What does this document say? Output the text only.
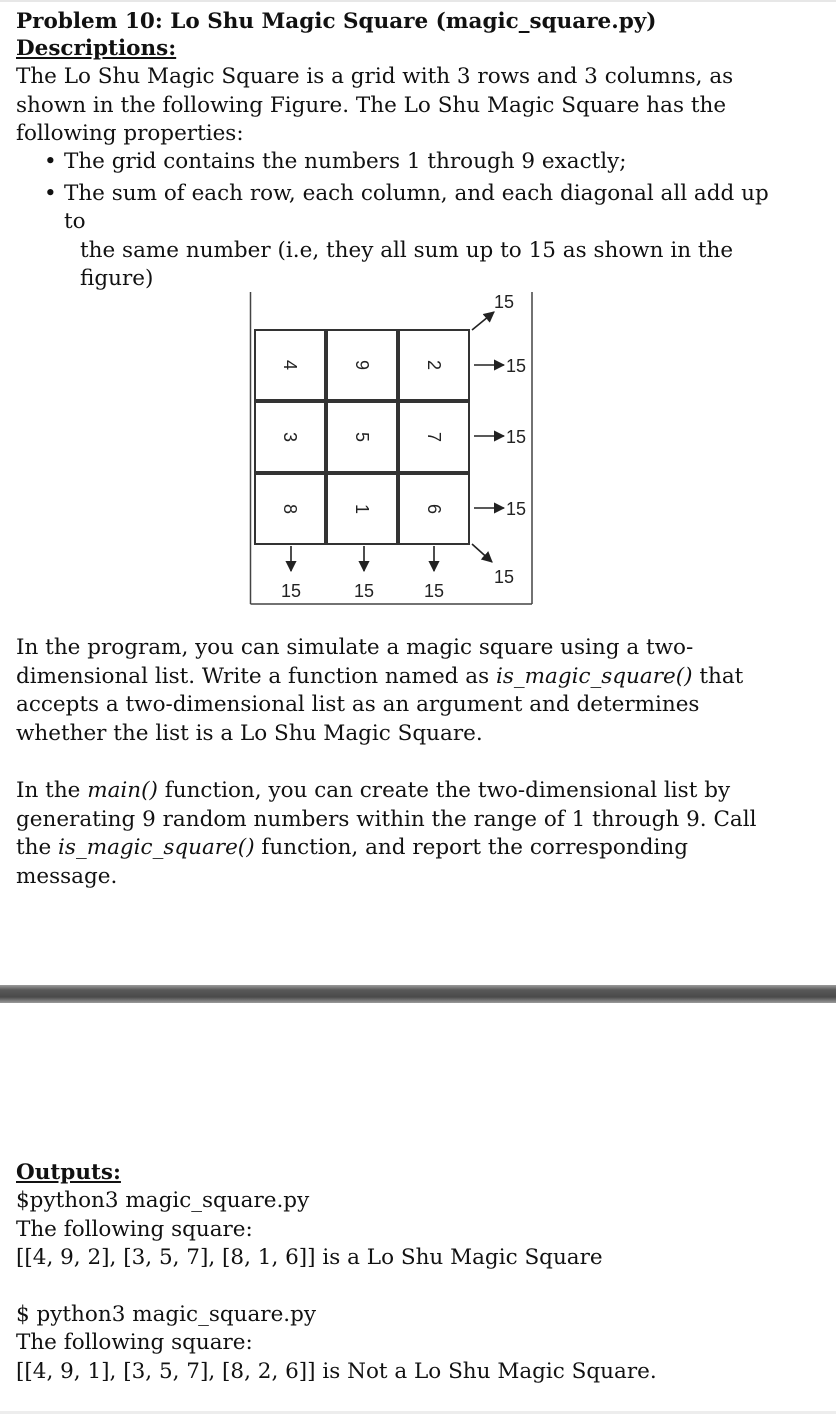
Problem 10: Lo Shu Magic Square (magic_square.py)
Descriptions:
The Lo Shu Magic Square is a grid with 3 rows and 3 columns, as shown in the following Figure. The Lo Shu Magic Square has the following properties:
• The grid contains the numbers 1 through 9 exactly;
• The sum of each row, each column, and each diagonal all add up to
the same number (i.e, they all sum up to 15 as shown in the figure)
4	9	2
3	5	7
8	1	6
15
15
15
15	15	15
15
15
In the program, you can simulate a magic square using a two-dimensional list. Write a function named as is_magic_square() that accepts a two-dimensional list as an argument and determines whether the list is a Lo Shu Magic Square.
In the main() function, you can create the two-dimensional list by generating 9 random numbers within the range of 1 through 9. Call the is_magic_square() function, and report the corresponding message.
Outputs:
$python3 magic_square.py
The following square:
[[4, 9, 2], [3, 5, 7], [8, 1, 6]] is a Lo Shu Magic Square
$ python3 magic_square.py
The following square:
[[4, 9, 1], [3, 5, 7], [8, 2, 6]] is Not a Lo Shu Magic Square.
